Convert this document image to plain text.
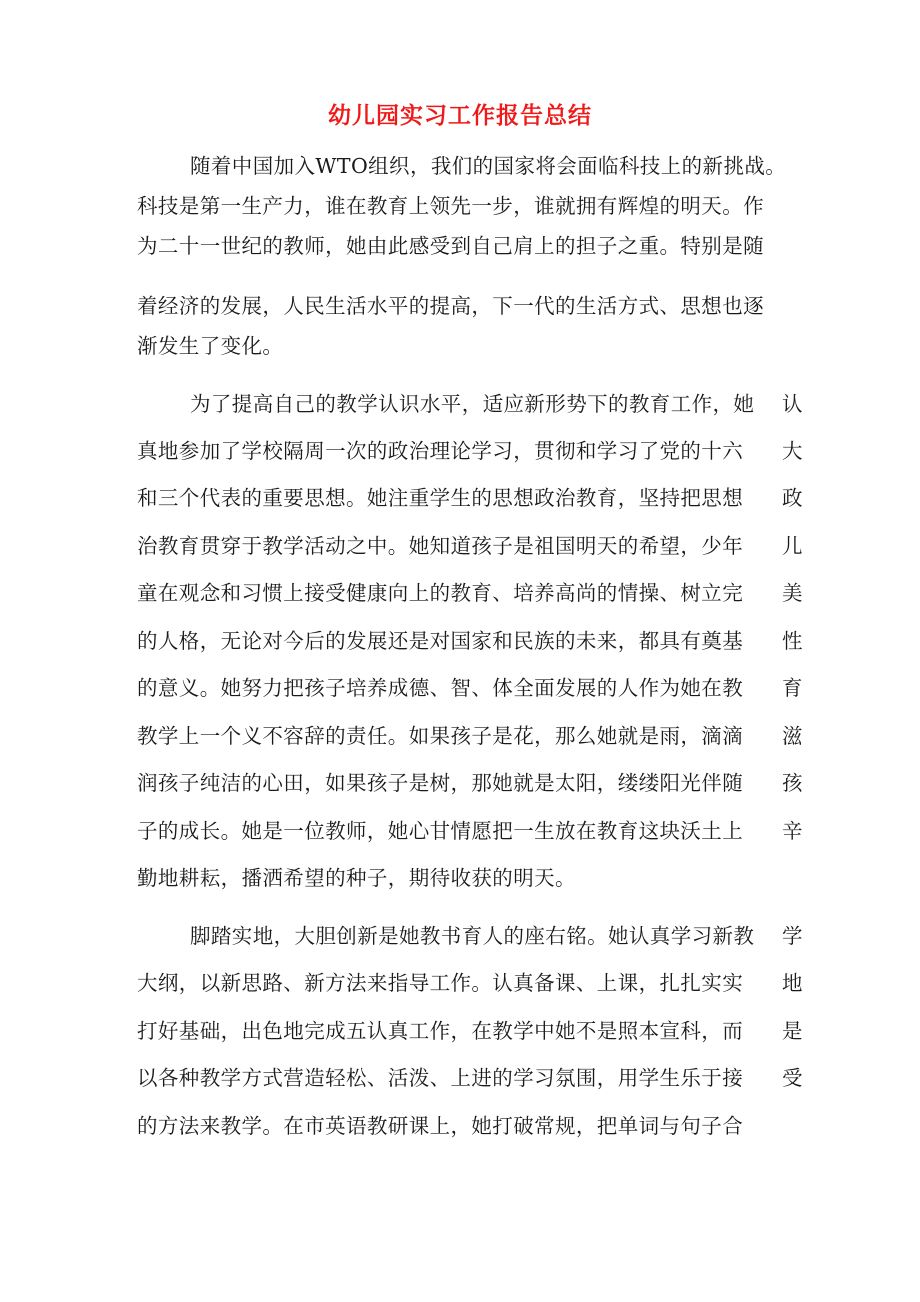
幼儿园实习工作报告总结
随着中国加入WTO组织，我们的国家将会面临科技上的新挑战。
科技是第一生产力，谁在教育上领先一步，谁就拥有辉煌的明天。作
为二十一世纪的教师，她由此感受到自己肩上的担子之重。特别是随
着经济的发展，人民生活水平的提高，下一代的生活方式、思想也逐
渐发生了变化。
为了提高自己的教学认识水平，适应新形势下的教育工作，她	认
真地参加了学校隔周一次的政治理论学习，贯彻和学习了党的十六	大
和三个代表的重要思想。她注重学生的思想政治教育，坚持把思想	政
治教育贯穿于教学活动之中。她知道孩子是祖国明天的希望，少年	儿
童在观念和习惯上接受健康向上的教育、培养高尚的情操、树立完	美
的人格，无论对今后的发展还是对国家和民族的未来，都具有奠基	性
的意义。她努力把孩子培养成德、智、体全面发展的人作为她在教	育
教学上一个义不容辞的责任。如果孩子是花，那么她就是雨，滴滴	滋
润孩子纯洁的心田，如果孩子是树，那她就是太阳，缕缕阳光伴随	孩
子的成长。她是一位教师，她心甘情愿把一生放在教育这块沃土上	辛
勤地耕耘，播洒希望的种子，期待收获的明天。
脚踏实地，大胆创新是她教书育人的座右铭。她认真学习新教	学
大纲，以新思路、新方法来指导工作。认真备课、上课，扎扎实实	地
打好基础，出色地完成五认真工作，在教学中她不是照本宣科，而	是
以各种教学方式营造轻松、活泼、上进的学习氛围，用学生乐于接	受
的方法来教学。在市英语教研课上，她打破常规，把单词与句子合
